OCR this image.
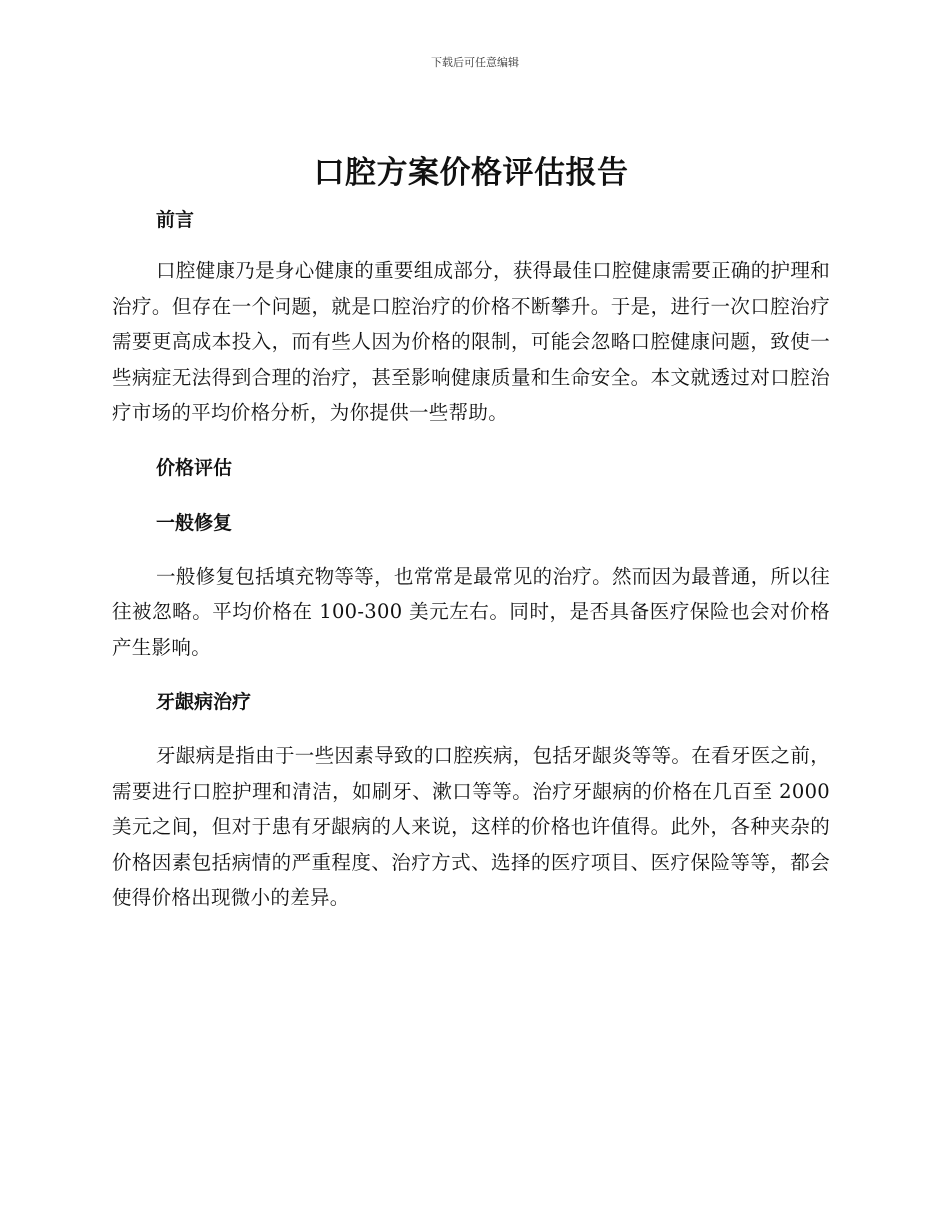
下载后可任意编辑
口腔方案价格评估报告
前言

口腔健康乃是身心健康的重要组成部分，获得最佳口腔健康需要正确的护理和治疗。但存在一个问题，就是口腔治疗的价格不断攀升。于是，进行一次口腔治疗需要更高成本投入，而有些人因为价格的限制，可能会忽略口腔健康问题，致使一些病症无法得到合理的治疗，甚至影响健康质量和生命安全。本文就透过对口腔治疗市场的平均价格分析，为你提供一些帮助。

价格评估
一般修复

一般修复包括填充物等等，也常常是最常见的治疗。然而因为最普通，所以往往被忽略。平均价格在 100-300 美元左右。同时，是否具备医疗保险也会对价格产生影响。

牙龈病治疗

牙龈病是指由于一些因素导致的口腔疾病，包括牙龈炎等等。在看牙医之前，需要进行口腔护理和清洁，如刷牙、漱口等等。治疗牙龈病的价格在几百至 2000 美元之间，但对于患有牙龈病的人来说，这样的价格也许值得。此外，各种夹杂的价格因素包括病情的严重程度、治疗方式、选择的医疗项目、医疗保险等等，都会使得价格出现微小的差异。
